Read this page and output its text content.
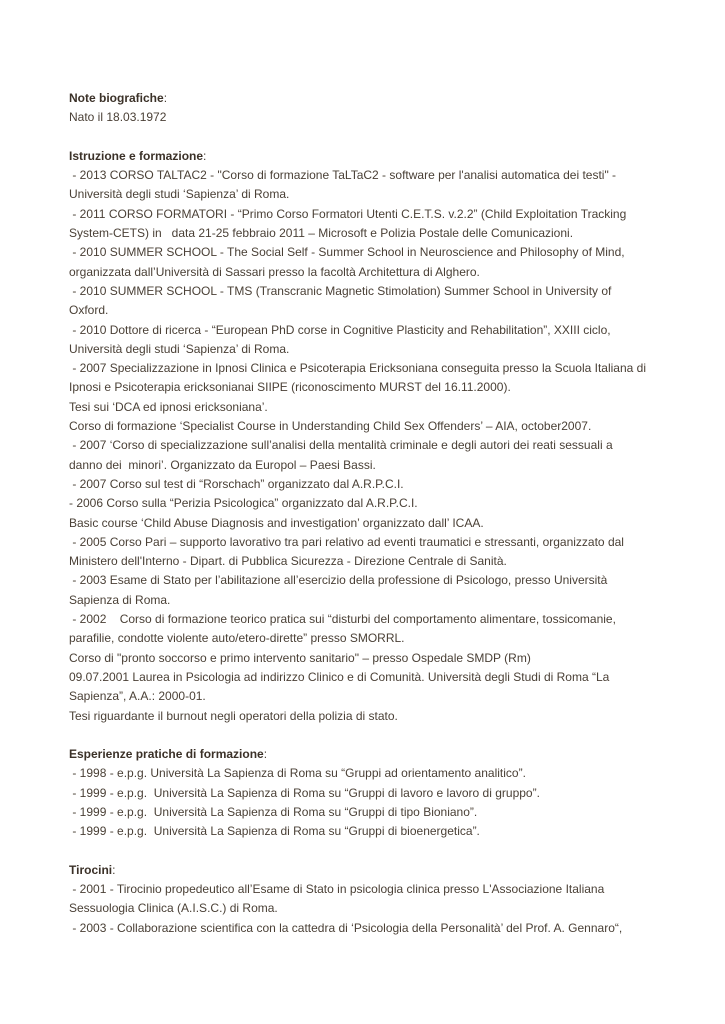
Note biografiche:

Nato il 18.03.1972

Istruzione e formazione:

- 2013 CORSO TALTAC2 - "Corso di formazione TaLTaC2 - software per l'analisi automatica dei testi" -

Università degli studi ‘Sapienza’ di Roma.

- 2011 CORSO FORMATORI - “Primo Corso Formatori Utenti C.E.T.S. v.2.2” (Child Exploitation Tracking

System-CETS) in   data 21-25 febbraio 2011 – Microsoft e Polizia Postale delle Comunicazioni.

- 2010 SUMMER SCHOOL - The Social Self - Summer School in Neuroscience and Philosophy of Mind,

organizzata dall’Università di Sassari presso la facoltà Architettura di Alghero.

- 2010 SUMMER SCHOOL - TMS (Transcranic Magnetic Stimolation) Summer School in University of

Oxford.

- 2010 Dottore di ricerca - “European PhD corse in Cognitive Plasticity and Rehabilitation”, XXIII ciclo,

Università degli studi ‘Sapienza’ di Roma.

- 2007 Specializzazione in Ipnosi Clinica e Psicoterapia Ericksoniana conseguita presso la Scuola Italiana di

Ipnosi e Psicoterapia ericksonianai SIIPE (riconoscimento MURST del 16.11.2000).

Tesi sui ‘DCA ed ipnosi ericksoniana’.

Corso di formazione ‘Specialist Course in Understanding Child Sex Offenders’ – AIA, october2007.

- 2007 ‘Corso di specializzazione sull’analisi della mentalità criminale e degli autori dei reati sessuali a

danno dei  minori’. Organizzato da Europol – Paesi Bassi.

- 2007 Corso sul test di “Rorschach” organizzato dal A.R.P.C.I.

- 2006 Corso sulla “Perizia Psicologica” organizzato dal A.R.P.C.I.

Basic course ‘Child Abuse Diagnosis and investigation’ organizzato dall’ ICAA.

- 2005 Corso Pari – supporto lavorativo tra pari relativo ad eventi traumatici e stressanti, organizzato dal

Ministero dell'Interno - Dipart. di Pubblica Sicurezza - Direzione Centrale di Sanità.

- 2003 Esame di Stato per l’abilitazione all’esercizio della professione di Psicologo, presso Università

Sapienza di Roma.

- 2002    Corso di formazione teorico pratica sui “disturbi del comportamento alimentare, tossicomanie,

parafilie, condotte violente auto/etero-dirette” presso SMORRL.

Corso di "pronto soccorso e primo intervento sanitario" – presso Ospedale SMDP (Rm)

09.07.2001 Laurea in Psicologia ad indirizzo Clinico e di Comunità. Università degli Studi di Roma “La

Sapienza”, A.A.: 2000-01.

Tesi riguardante il burnout negli operatori della polizia di stato.

Esperienze pratiche di formazione:

- 1998 - e.p.g. Università La Sapienza di Roma su “Gruppi ad orientamento analitico”.

- 1999 - e.p.g.  Università La Sapienza di Roma su “Gruppi di lavoro e lavoro di gruppo”.

- 1999 - e.p.g.  Università La Sapienza di Roma su “Gruppi di tipo Bioniano”.

- 1999 - e.p.g.  Università La Sapienza di Roma su “Gruppi di bioenergetica”.

Tirocini:

- 2001 - Tirocinio propedeutico all’Esame di Stato in psicologia clinica presso L'Associazione Italiana

Sessuologia Clinica (A.I.S.C.) di Roma.

- 2003 - Collaborazione scientifica con la cattedra di ‘Psicologia della Personalità’ del Prof. A. Gennaro“,
